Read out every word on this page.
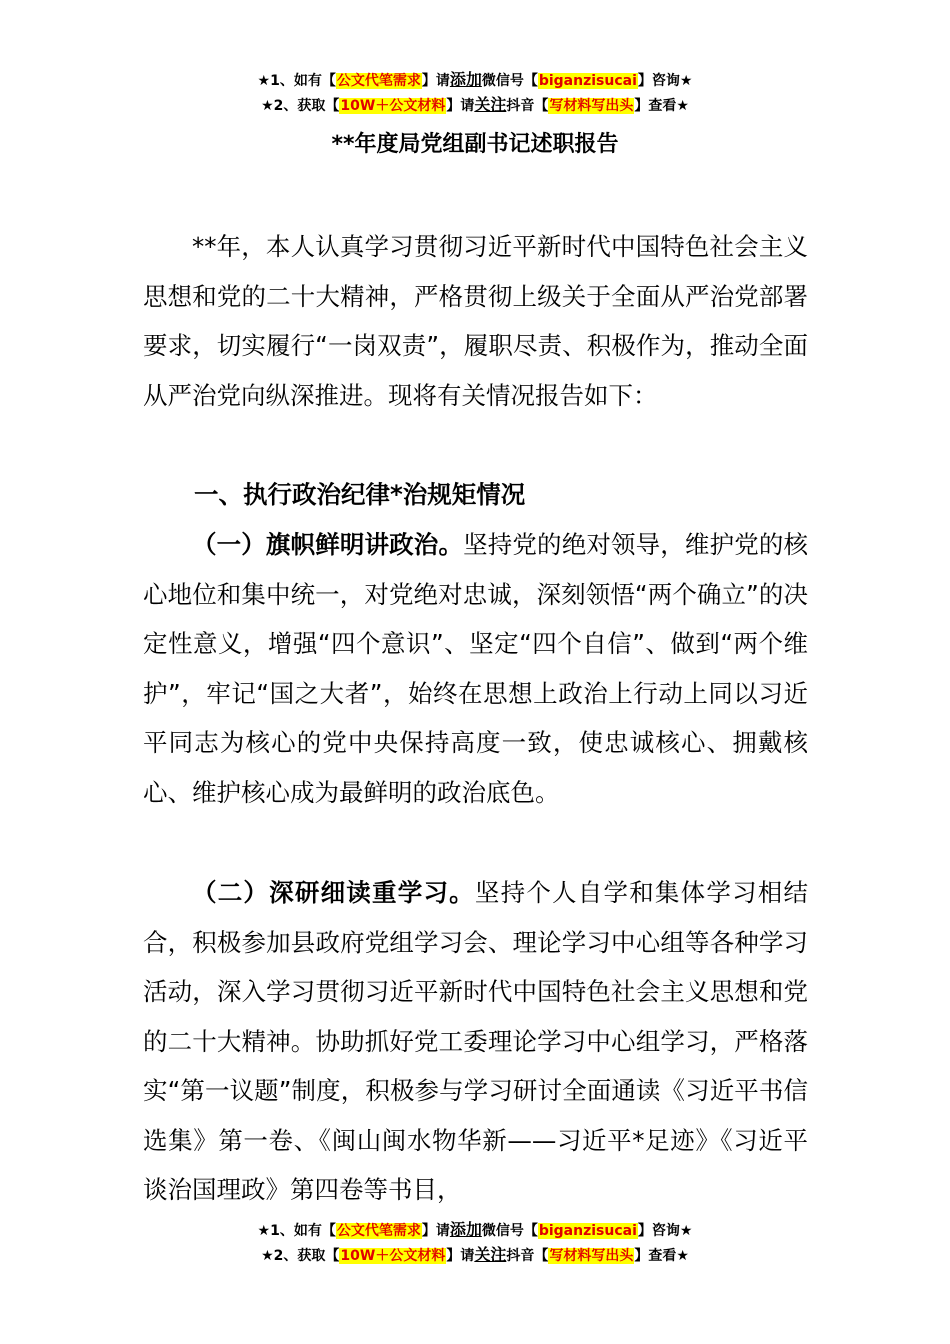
★1、如有【公文代笔需求】请添加微信号【biganzisucai】咨询★
★2、获取【10W＋公文材料】请关注抖音【写材料写出头】查看★
**年度局党组副书记述职报告

**年，本人认真学习贯彻习近平新时代中国特色社会主义思想和党的二十大精神，严格贯彻上级关于全面从严治党部署要求，切实履行“一岗双责”，履职尽责、积极作为，推动全面从严治党向纵深推进。现将有关情况报告如下：

一、执行政治纪律*治规矩情况

（一）旗帜鲜明讲政治。坚持党的绝对领导，维护党的核心地位和集中统一，对党绝对忠诚，深刻领悟“两个确立”的决定性意义，增强“四个意识”、坚定“四个自信”、做到“两个维护”，牢记“国之大者”，始终在思想上政治上行动上同以习近平同志为核心的党中央保持高度一致，使忠诚核心、拥戴核心、维护核心成为最鲜明的政治底色。

（二）深研细读重学习。坚持个人自学和集体学习相结合，积极参加县政府党组学习会、理论学习中心组等各种学习活动，深入学习贯彻习近平新时代中国特色社会主义思想和党的二十大精神。协助抓好党工委理论学习中心组学习，严格落实“第一议题”制度，积极参与学习研讨全面通读《习近平书信选集》第一卷、《闽山闽水物华新——习近平*足迹》《习近平谈治国理政》第四卷等书目，

★1、如有【公文代笔需求】请添加微信号【biganzisucai】咨询★
★2、获取【10W＋公文材料】请关注抖音【写材料写出头】查看★
